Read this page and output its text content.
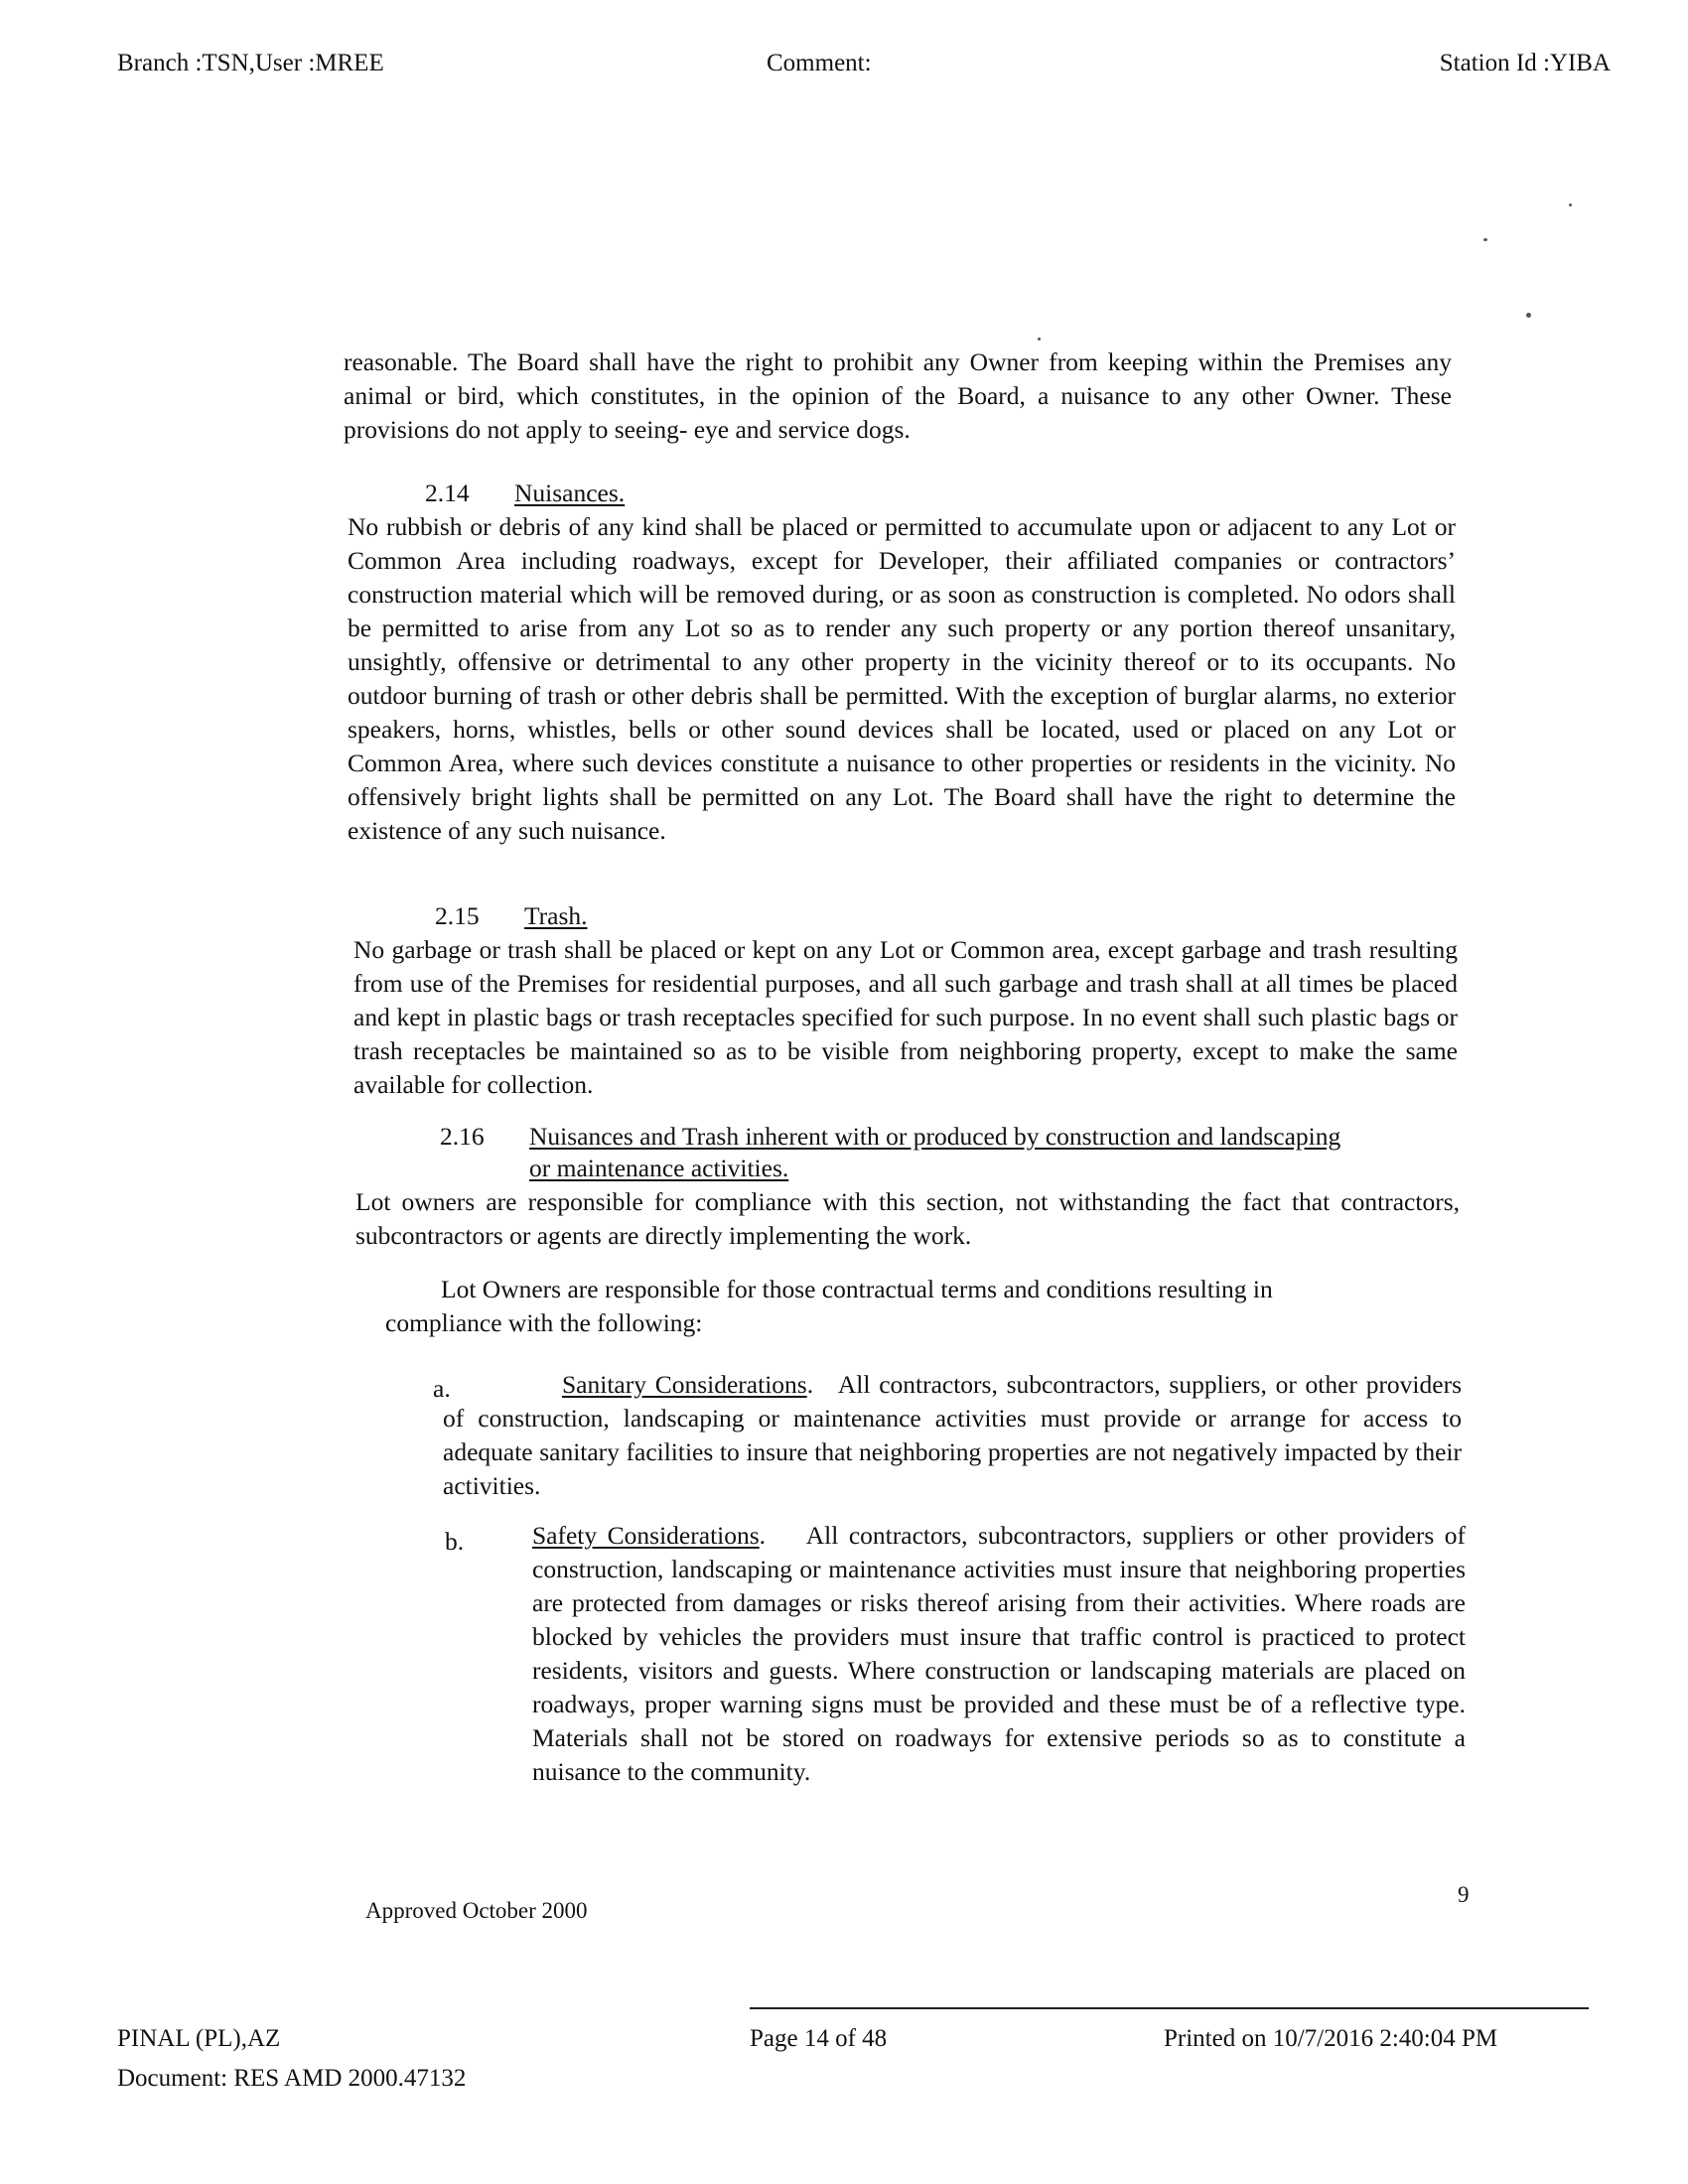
Branch :TSN,User :MREE	Comment:	Station Id :YIBA
reasonable. The Board shall have the right to prohibit any Owner from keeping within the Premises any animal or bird, which constitutes, in the opinion of the Board, a nuisance to any other Owner. These provisions do not apply to seeing- eye and service dogs.
2.14 Nuisances.
No rubbish or debris of any kind shall be placed or permitted to accumulate upon or adjacent to any Lot or Common Area including roadways, except for Developer, their affiliated companies or contractors’ construction material which will be removed during, or as soon as construction is completed. No odors shall be permitted to arise from any Lot so as to render any such property or any portion thereof unsanitary, unsightly, offensive or detrimental to any other property in the vicinity thereof or to its occupants. No outdoor burning of trash or other debris shall be permitted. With the exception of burglar alarms, no exterior speakers, horns, whistles, bells or other sound devices shall be located, used or placed on any Lot or Common Area, where such devices constitute a nuisance to other properties or residents in the vicinity. No offensively bright lights shall be permitted on any Lot. The Board shall have the right to determine the existence of any such nuisance.
2.15 Trash.
No garbage or trash shall be placed or kept on any Lot or Common area, except garbage and trash resulting from use of the Premises for residential purposes, and all such garbage and trash shall at all times be placed and kept in plastic bags or trash receptacles specified for such purpose. In no event shall such plastic bags or trash receptacles be maintained so as to be visible from neighboring property, except to make the same available for collection.
2.16 Nuisances and Trash inherent with or produced by construction and landscaping
or maintenance activities.
Lot owners are responsible for compliance with this section, not withstanding the fact that contractors, subcontractors or agents are directly implementing the work.
Lot Owners are responsible for those contractual terms and conditions resulting in compliance with the following:
a.	Sanitary Considerations.   All contractors, subcontractors, suppliers, or other providers of construction, landscaping or maintenance activities must provide or arrange for access to adequate sanitary facilities to insure that neighboring properties are not negatively impacted by their activities.
b.	Safety Considerations.    All contractors, subcontractors, suppliers or other providers of construction, landscaping or maintenance activities must insure that neighboring properties are protected from damages or risks thereof arising from their activities. Where roads are blocked by vehicles the providers must insure that traffic control is practiced to protect residents, visitors and guests. Where construction or landscaping materials are placed on roadways, proper warning signs must be provided and these must be of a reflective type. Materials shall not be stored on roadways for extensive periods so as to constitute a nuisance to the community.
Approved October 2000
9
PINAL (PL),AZ
Document: RES AMD 2000.47132
Page 14 of 48	Printed on 10/7/2016 2:40:04 PM
